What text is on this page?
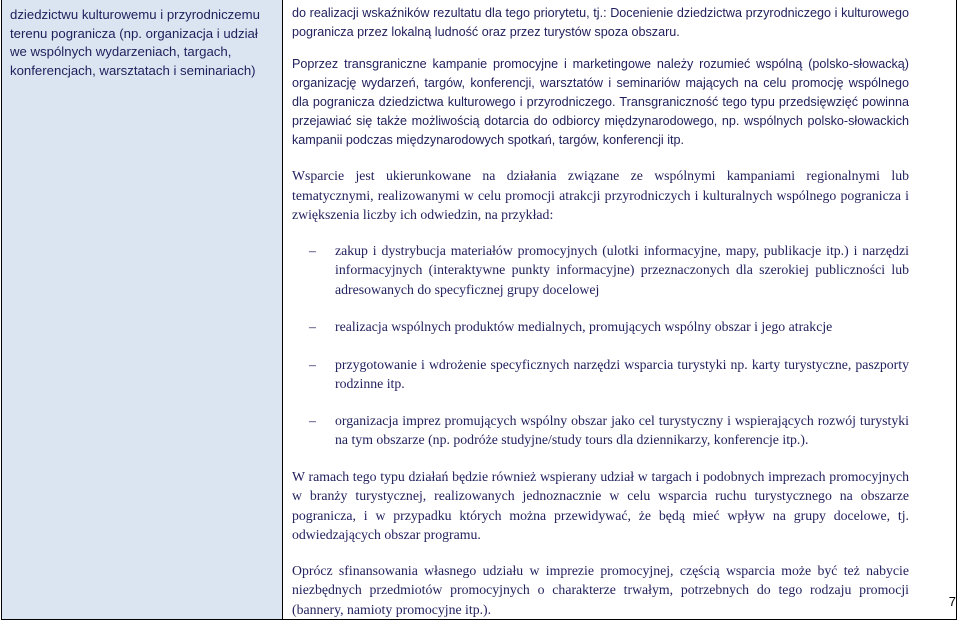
dziedzictwu kulturowemu i przyrodniczemu terenu pogranicza (np. organizacja i udział we wspólnych wydarzeniach, targach, konferencjach, warsztatach i seminariach)

do realizacji wskaźników rezultatu dla tego priorytetu, tj.: Docenienie dziedzictwa przyrodniczego i kulturowego pogranicza przez lokalną ludność oraz przez turystów spoza obszaru.

Poprzez transgraniczne kampanie promocyjne i marketingowe należy rozumieć wspólną (polsko-słowacką) organizację wydarzeń, targów, konferencji, warsztatów i seminariów mających na celu promocję wspólnego dla pogranicza dziedzictwa kulturowego i przyrodniczego. Transgraniczność tego typu przedsięwzięć powinna przejawiać się także możliwością dotarcia do odbiorcy międzynarodowego, np. wspólnych polsko-słowackich kampanii podczas międzynarodowych spotkań, targów, konferencji itp.

Wsparcie jest ukierunkowane na działania związane ze wspólnymi kampaniami regionalnymi lub tematycznymi, realizowanymi w celu promocji atrakcji przyrodniczych i kulturalnych wspólnego pogranicza i zwiększenia liczby ich odwiedzin, na przykład:

– zakup i dystrybucja materiałów promocyjnych (ulotki informacyjne, mapy, publikacje itp.) i narzędzi informacyjnych (interaktywne punkty informacyjne) przeznaczonych dla szerokiej publiczności lub adresowanych do specyficznej grupy docelowej
– realizacja wspólnych produktów medialnych, promujących wspólny obszar i jego atrakcje
– przygotowanie i wdrożenie specyficznych narzędzi wsparcia turystyki np. karty turystyczne, paszporty rodzinne itp.
– organizacja imprez promujących wspólny obszar jako cel turystyczny i wspierających rozwój turystyki na tym obszarze (np. podróże studyjne/study tours dla dziennikarzy, konferencje itp.).

W ramach tego typu działań będzie również wspierany udział w targach i podobnych imprezach promocyjnych w branży turystycznej, realizowanych jednoznacznie w celu wsparcia ruchu turystycznego na obszarze pogranicza, i w przypadku których można przewidywać, że będą mieć wpływ na grupy docelowe, tj. odwiedzających obszar programu.

Oprócz sfinansowania własnego udziału w imprezie promocyjnej, częścią wsparcia może być też nabycie niezbędnych przedmiotów promocyjnych o charakterze trwałym, potrzebnych do tego rodzaju promocji (bannery, namioty promocyjne itp.).	7
